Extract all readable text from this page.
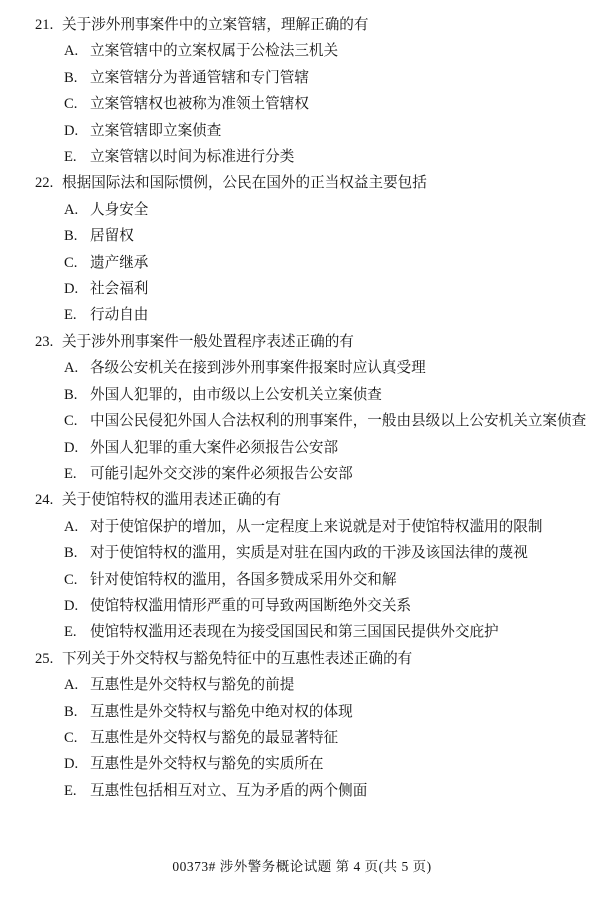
21. 关于涉外刑事案件中的立案管辖，理解正确的有
A. 立案管辖中的立案权属于公检法三机关
B. 立案管辖分为普通管辖和专门管辖
C. 立案管辖权也被称为准领土管辖权
D. 立案管辖即立案侦查
E. 立案管辖以时间为标准进行分类
22. 根据国际法和国际惯例，公民在国外的正当权益主要包括
A. 人身安全
B. 居留权
C. 遗产继承
D. 社会福利
E. 行动自由
23. 关于涉外刑事案件一般处置程序表述正确的有
A. 各级公安机关在接到涉外刑事案件报案时应认真受理
B. 外国人犯罪的，由市级以上公安机关立案侦查
C. 中国公民侵犯外国人合法权利的刑事案件，一般由县级以上公安机关立案侦查
D. 外国人犯罪的重大案件必须报告公安部
E. 可能引起外交交涉的案件必须报告公安部
24. 关于使馆特权的滥用表述正确的有
A. 对于使馆保护的增加，从一定程度上来说就是对于使馆特权滥用的限制
B. 对于使馆特权的滥用，实质是对驻在国内政的干涉及该国法律的蔑视
C. 针对使馆特权的滥用，各国多赞成采用外交和解
D. 使馆特权滥用情形严重的可导致两国断绝外交关系
E. 使馆特权滥用还表现在为接受国国民和第三国国民提供外交庇护
25. 下列关于外交特权与豁免特征中的互惠性表述正确的有
A. 互惠性是外交特权与豁免的前提
B. 互惠性是外交特权与豁免中绝对权的体现
C. 互惠性是外交特权与豁免的最显著特征
D. 互惠性是外交特权与豁免的实质所在
E. 互惠性包括相互对立、互为矛盾的两个侧面
00373# 涉外警务概论试题 第 4 页(共 5 页)
